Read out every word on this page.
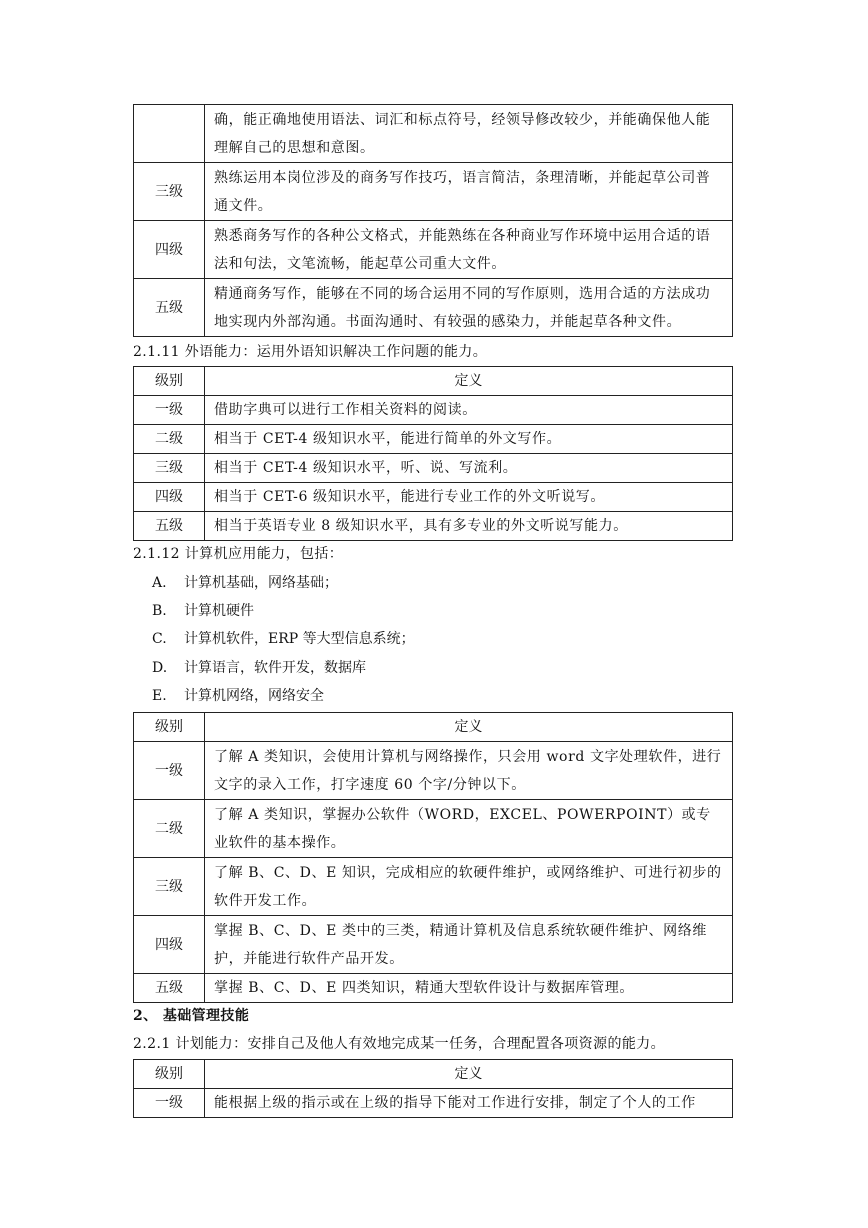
	确，能正确地使用语法、词汇和标点符号，经领导修改较少，并能确保他人能理解自己的思想和意图。
三级	熟练运用本岗位涉及的商务写作技巧，语言简洁，条理清晰，并能起草公司普通文件。
四级	熟悉商务写作的各种公文格式，并能熟练在各种商业写作环境中运用合适的语法和句法，文笔流畅，能起草公司重大文件。
五级	精通商务写作，能够在不同的场合运用不同的写作原则，选用合适的方法成功地实现内外部沟通。书面沟通时、有较强的感染力，并能起草各种文件。
2.1.11 外语能力：运用外语知识解决工作问题的能力。
级别	定义
一级	借助字典可以进行工作相关资料的阅读。
二级	相当于 CET-4 级知识水平，能进行简单的外文写作。
三级	相当于 CET-4 级知识水平，听、说、写流利。
四级	相当于 CET-6 级知识水平，能进行专业工作的外文听说写。
五级	相当于英语专业 8 级知识水平，具有多专业的外文听说写能力。
2.1.12 计算机应用能力，包括：
A. 计算机基础，网络基础；
B. 计算机硬件
C. 计算机软件，ERP 等大型信息系统；
D. 计算语言，软件开发，数据库
E. 计算机网络，网络安全
级别	定义
一级	了解 A 类知识，会使用计算机与网络操作，只会用 word 文字处理软件，进行文字的录入工作，打字速度 60 个字/分钟以下。
二级	了解 A 类知识，掌握办公软件（WORD，EXCEL、POWERPOINT）或专业软件的基本操作。
三级	了解 B、C、D、E 知识，完成相应的软硬件维护，或网络维护、可进行初步的软件开发工作。
四级	掌握 B、C、D、E 类中的三类，精通计算机及信息系统软硬件维护、网络维护，并能进行软件产品开发。
五级	掌握 B、C、D、E 四类知识，精通大型软件设计与数据库管理。
2、 基础管理技能
2.2.1 计划能力：安排自己及他人有效地完成某一任务，合理配置各项资源的能力。
级别	定义
一级	能根据上级的指示或在上级的指导下能对工作进行安排，制定了个人的工作
